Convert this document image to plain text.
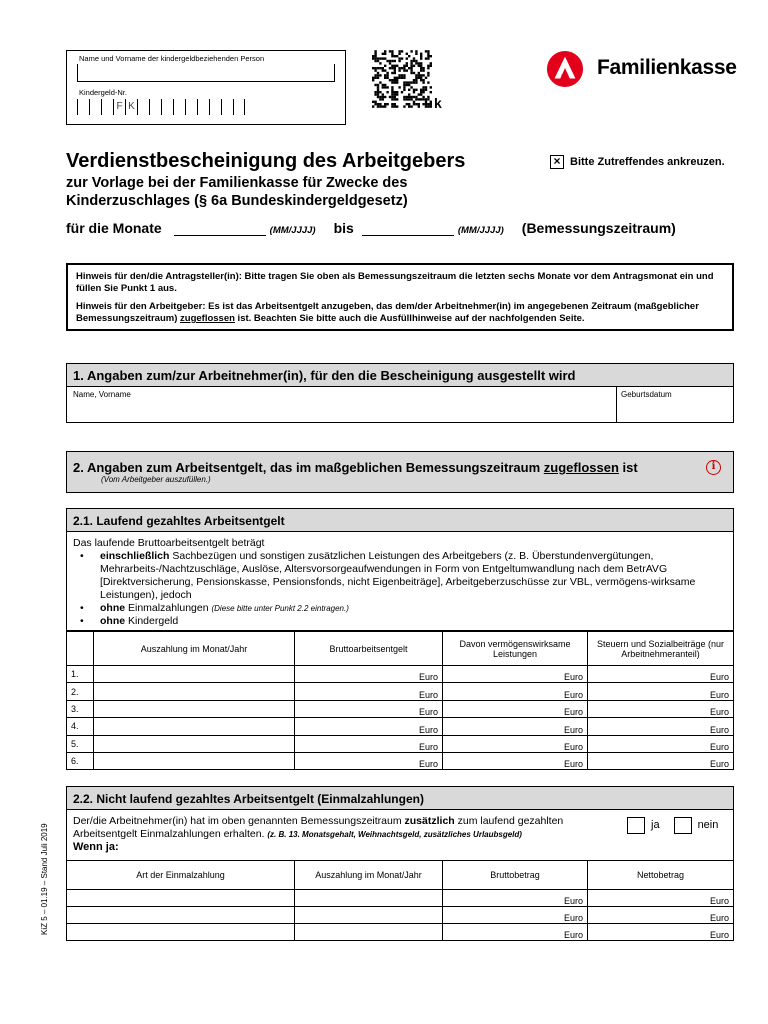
Name und Vorname der kindergeldbeziehenden Person
Kindergeld-Nr.
F K	k
Familienkasse
Verdienstbescheinigung des Arbeitgebers
zur Vorlage bei der Familienkasse für Zwecke des
Kinderzuschlages (§ 6a Bundeskindergeldgesetz)
× Bitte Zutreffendes ankreuzen.
für die Monate	(MM/JJJJ) bis	(MM/JJJJ) (Bemessungszeitraum)

Hinweis für den/die Antragsteller(in): Bitte tragen Sie oben als Bemessungszeitraum die letzten sechs Monate vor dem Antragsmonat ein und füllen Sie Punkt 1 aus.

Hinweis für den Arbeitgeber: Es ist das Arbeitsentgelt anzugeben, das dem/der Arbeitnehmer(in) im angegebenen Zeitraum (maßgeblicher Bemessungszeitraum) zugeflossen ist. Beachten Sie bitte auch die Ausfüllhinweise auf der nachfolgenden Seite.

1. Angaben zum/zur Arbeitnehmer(in), für den die Bescheinigung ausgestellt wird
Name, Vorname	Geburtsdatum
2. Angaben zum Arbeitsentgelt, das im maßgeblichen Bemessungszeitraum zugeflossen ist
(Vom Arbeitgeber auszufüllen.)
i
2.1. Laufend gezahltes Arbeitsentgelt
Das laufende Bruttoarbeitsentgelt beträgt
• einschließlich Sachbezügen und sonstigen zusätzlichen Leistungen des Arbeitgebers (z. B. Überstundenvergütungen, Mehrarbeits-/Nachtzuschläge, Auslöse, Altersvorsorgeaufwendungen in Form von Entgeltumwandlung nach dem BetrAVG [Direktversicherung, Pensionskasse, Pensionsfonds, nicht Eigenbeiträge], Arbeitgeberzuschüsse zur VBL, vermögens-wirksame Leistungen), jedoch
• ohne Einmalzahlungen (Diese bitte unter Punkt 2.2 eintragen.)
• ohne Kindergeld
	Auszahlung im Monat/Jahr	Bruttoarbeitsentgelt	Davon vermögenswirksame Leistungen	Steuern und Sozialbeiträge (nur Arbeitnehmeranteil)
1.		Euro	Euro	Euro
2.		Euro	Euro	Euro
3.		Euro	Euro	Euro
4.		Euro	Euro	Euro
5.		Euro	Euro	Euro
6.		Euro	Euro	Euro
2.2. Nicht laufend gezahltes Arbeitsentgelt (Einmalzahlungen)
Der/die Arbeitnehmer(in) hat im oben genannten Bemessungszeitraum zusätzlich zum laufend gezahlten Arbeitsentgelt Einmalzahlungen erhalten. (z. B. 13. Monatsgehalt, Weihnachtsgeld, zusätzliches Urlaubsgeld)
Wenn ja:
ja	nein
Art der Einmalzahlung	Auszahlung im Monat/Jahr	Bruttobetrag	Nettobetrag
		Euro	Euro
		Euro	Euro
		Euro	Euro
KiZ 5 – 01.19 – Stand Juli 2019
